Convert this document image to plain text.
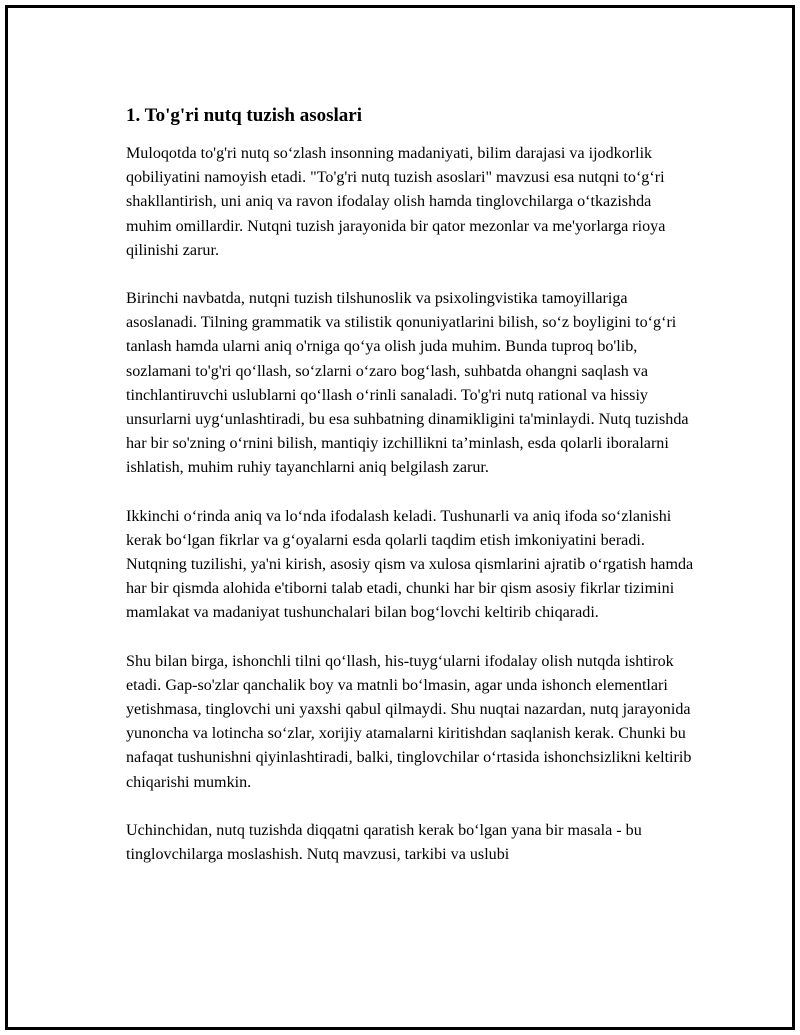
1. To'g'ri nutq tuzish asoslari

Muloqotda to'g'ri nutq so‘zlash insonning madaniyati, bilim darajasi va ijodkorlik qobiliyatini namoyish etadi. "To'g'ri nutq tuzish asoslari" mavzusi esa nutqni to‘g‘ri shakllantirish, uni aniq va ravon ifodalay olish hamda tinglovchilarga o‘tkazishda muhim omillardir. Nutqni tuzish jarayonida bir qator mezonlar va me'yorlarga rioya qilinishi zarur.

Birinchi navbatda, nutqni tuzish tilshunoslik va psixolingvistika tamoyillariga asoslanadi. Tilning grammatik va stilistik qonuniyatlarini bilish, so‘z boyligini to‘g‘ri tanlash hamda ularni aniq o'rniga qo‘ya olish juda muhim. Bunda tuproq bo'lib, sozlamani to'g'ri qo‘llash, so‘zlarni o‘zaro bog‘lash, suhbatda ohangni saqlash va tinchlantiruvchi uslublarni qo‘llash o‘rinli sanaladi. To'g'ri nutq rational va hissiy unsurlarni uyg‘unlashtiradi, bu esa suhbatning dinamikligini ta'minlaydi. Nutq tuzishda har bir so'zning o‘rnini bilish, mantiqiy izchillikni ta’minlash, esda qolarli iboralarni ishlatish, muhim ruhiy tayanchlarni aniq belgilash zarur.

Ikkinchi o‘rinda aniq va lo‘nda ifodalash keladi. Tushunarli va aniq ifoda so‘zlanishi kerak bo‘lgan fikrlar va g‘oyalarni esda qolarli taqdim etish imkoniyatini beradi. Nutqning tuzilishi, ya'ni kirish, asosiy qism va xulosa qismlarini ajratib o‘rgatish hamda har bir qismda alohida e'tiborni talab etadi, chunki har bir qism asosiy fikrlar tizimini mamlakat va madaniyat tushunchalari bilan bog‘lovchi keltirib chiqaradi.

Shu bilan birga, ishonchli tilni qo‘llash, his-tuyg‘ularni ifodalay olish nutqda ishtirok etadi. Gap-so'zlar qanchalik boy va matnli bo‘lmasin, agar unda ishonch elementlari yetishmasa, tinglovchi uni yaxshi qabul qilmaydi. Shu nuqtai nazardan, nutq jarayonida yunoncha va lotincha so‘zlar, xorijiy atamalarni kiritishdan saqlanish kerak. Chunki bu nafaqat tushunishni qiyinlashtiradi, balki, tinglovchilar o‘rtasida ishonchsizlikni keltirib chiqarishi mumkin.

Uchinchidan, nutq tuzishda diqqatni qaratish kerak bo‘lgan yana bir masala - bu tinglovchilarga moslashish. Nutq mavzusi, tarkibi va uslubi
